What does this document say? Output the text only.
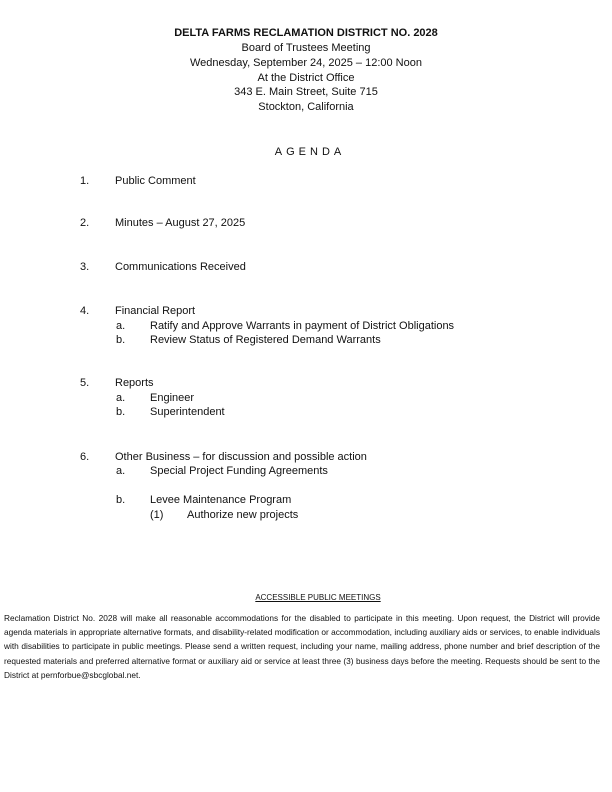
DELTA FARMS RECLAMATION DISTRICT NO. 2028
Board of Trustees Meeting
Wednesday, September 24, 2025 – 12:00 Noon
At the District Office
343 E. Main Street, Suite 715
Stockton, California
AGENDA
1. Public Comment
2. Minutes – August 27, 2025
3. Communications Received
4. Financial Report
a. Ratify and Approve Warrants in payment of District Obligations
b. Review Status of Registered Demand Warrants
5. Reports
a. Engineer
b. Superintendent
6. Other Business – for discussion and possible action
a. Special Project Funding Agreements
b. Levee Maintenance Program
(1) Authorize new projects
ACCESSIBLE PUBLIC MEETINGS
Reclamation District No. 2028 will make all reasonable accommodations for the disabled to participate in this meeting. Upon request, the District will provide agenda materials in appropriate alternative formats, and disability-related modification or accommodation, including auxiliary aids or services, to enable individuals with disabilities to participate in public meetings. Please send a written request, including your name, mailing address, phone number and brief description of the requested materials and preferred alternative format or auxiliary aid or service at least three (3) business days before the meeting. Requests should be sent to the District at pernforbue@sbcglobal.net.
